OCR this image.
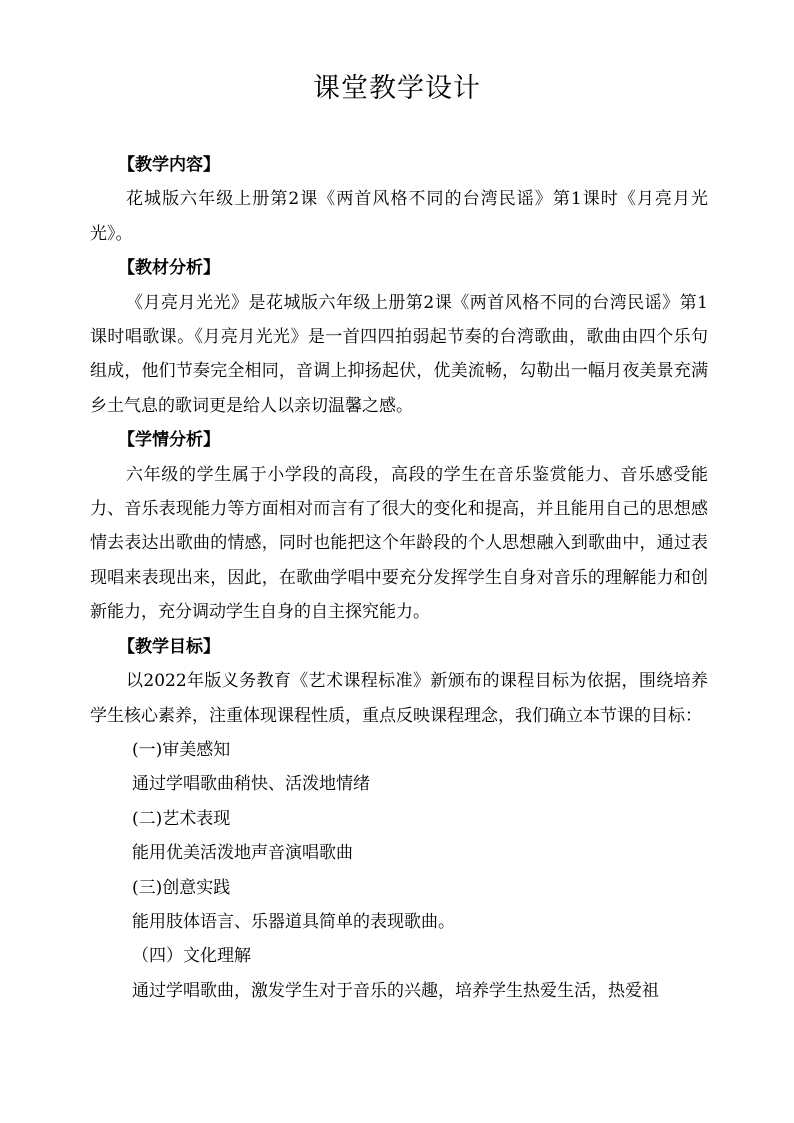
课堂教学设计

【教学内容】

花城版六年级上册第2课《两首风格不同的台湾民谣》第1课时《月亮月光光》。

【教材分析】

《月亮月光光》是花城版六年级上册第2课《两首风格不同的台湾民谣》第1课时唱歌课。《月亮月光光》是一首四四拍弱起节奏的台湾歌曲，歌曲由四个乐句组成，他们节奏完全相同，音调上抑扬起伏，优美流畅，勾勒出一幅月夜美景充满乡土气息的歌词更是给人以亲切温馨之感。

【学情分析】

六年级的学生属于小学段的高段，高段的学生在音乐鉴赏能力、音乐感受能力、音乐表现能力等方面相对而言有了很大的变化和提高，并且能用自己的思想感情去表达出歌曲的情感，同时也能把这个年龄段的个人思想融入到歌曲中，通过表现唱来表现出来，因此，在歌曲学唱中要充分发挥学生自身对音乐的理解能力和创新能力，充分调动学生自身的自主探究能力。

【教学目标】

以2022年版义务教育《艺术课程标准》新颁布的课程目标为依据，围绕培养学生核心素养，注重体现课程性质，重点反映课程理念，我们确立本节课的目标：

(一)审美感知

通过学唱歌曲稍快、活泼地情绪

(二)艺术表现

能用优美活泼地声音演唱歌曲

(三)创意实践

能用肢体语言、乐器道具简单的表现歌曲。

（四）文化理解

通过学唱歌曲，激发学生对于音乐的兴趣，培养学生热爱生活，热爱祖
